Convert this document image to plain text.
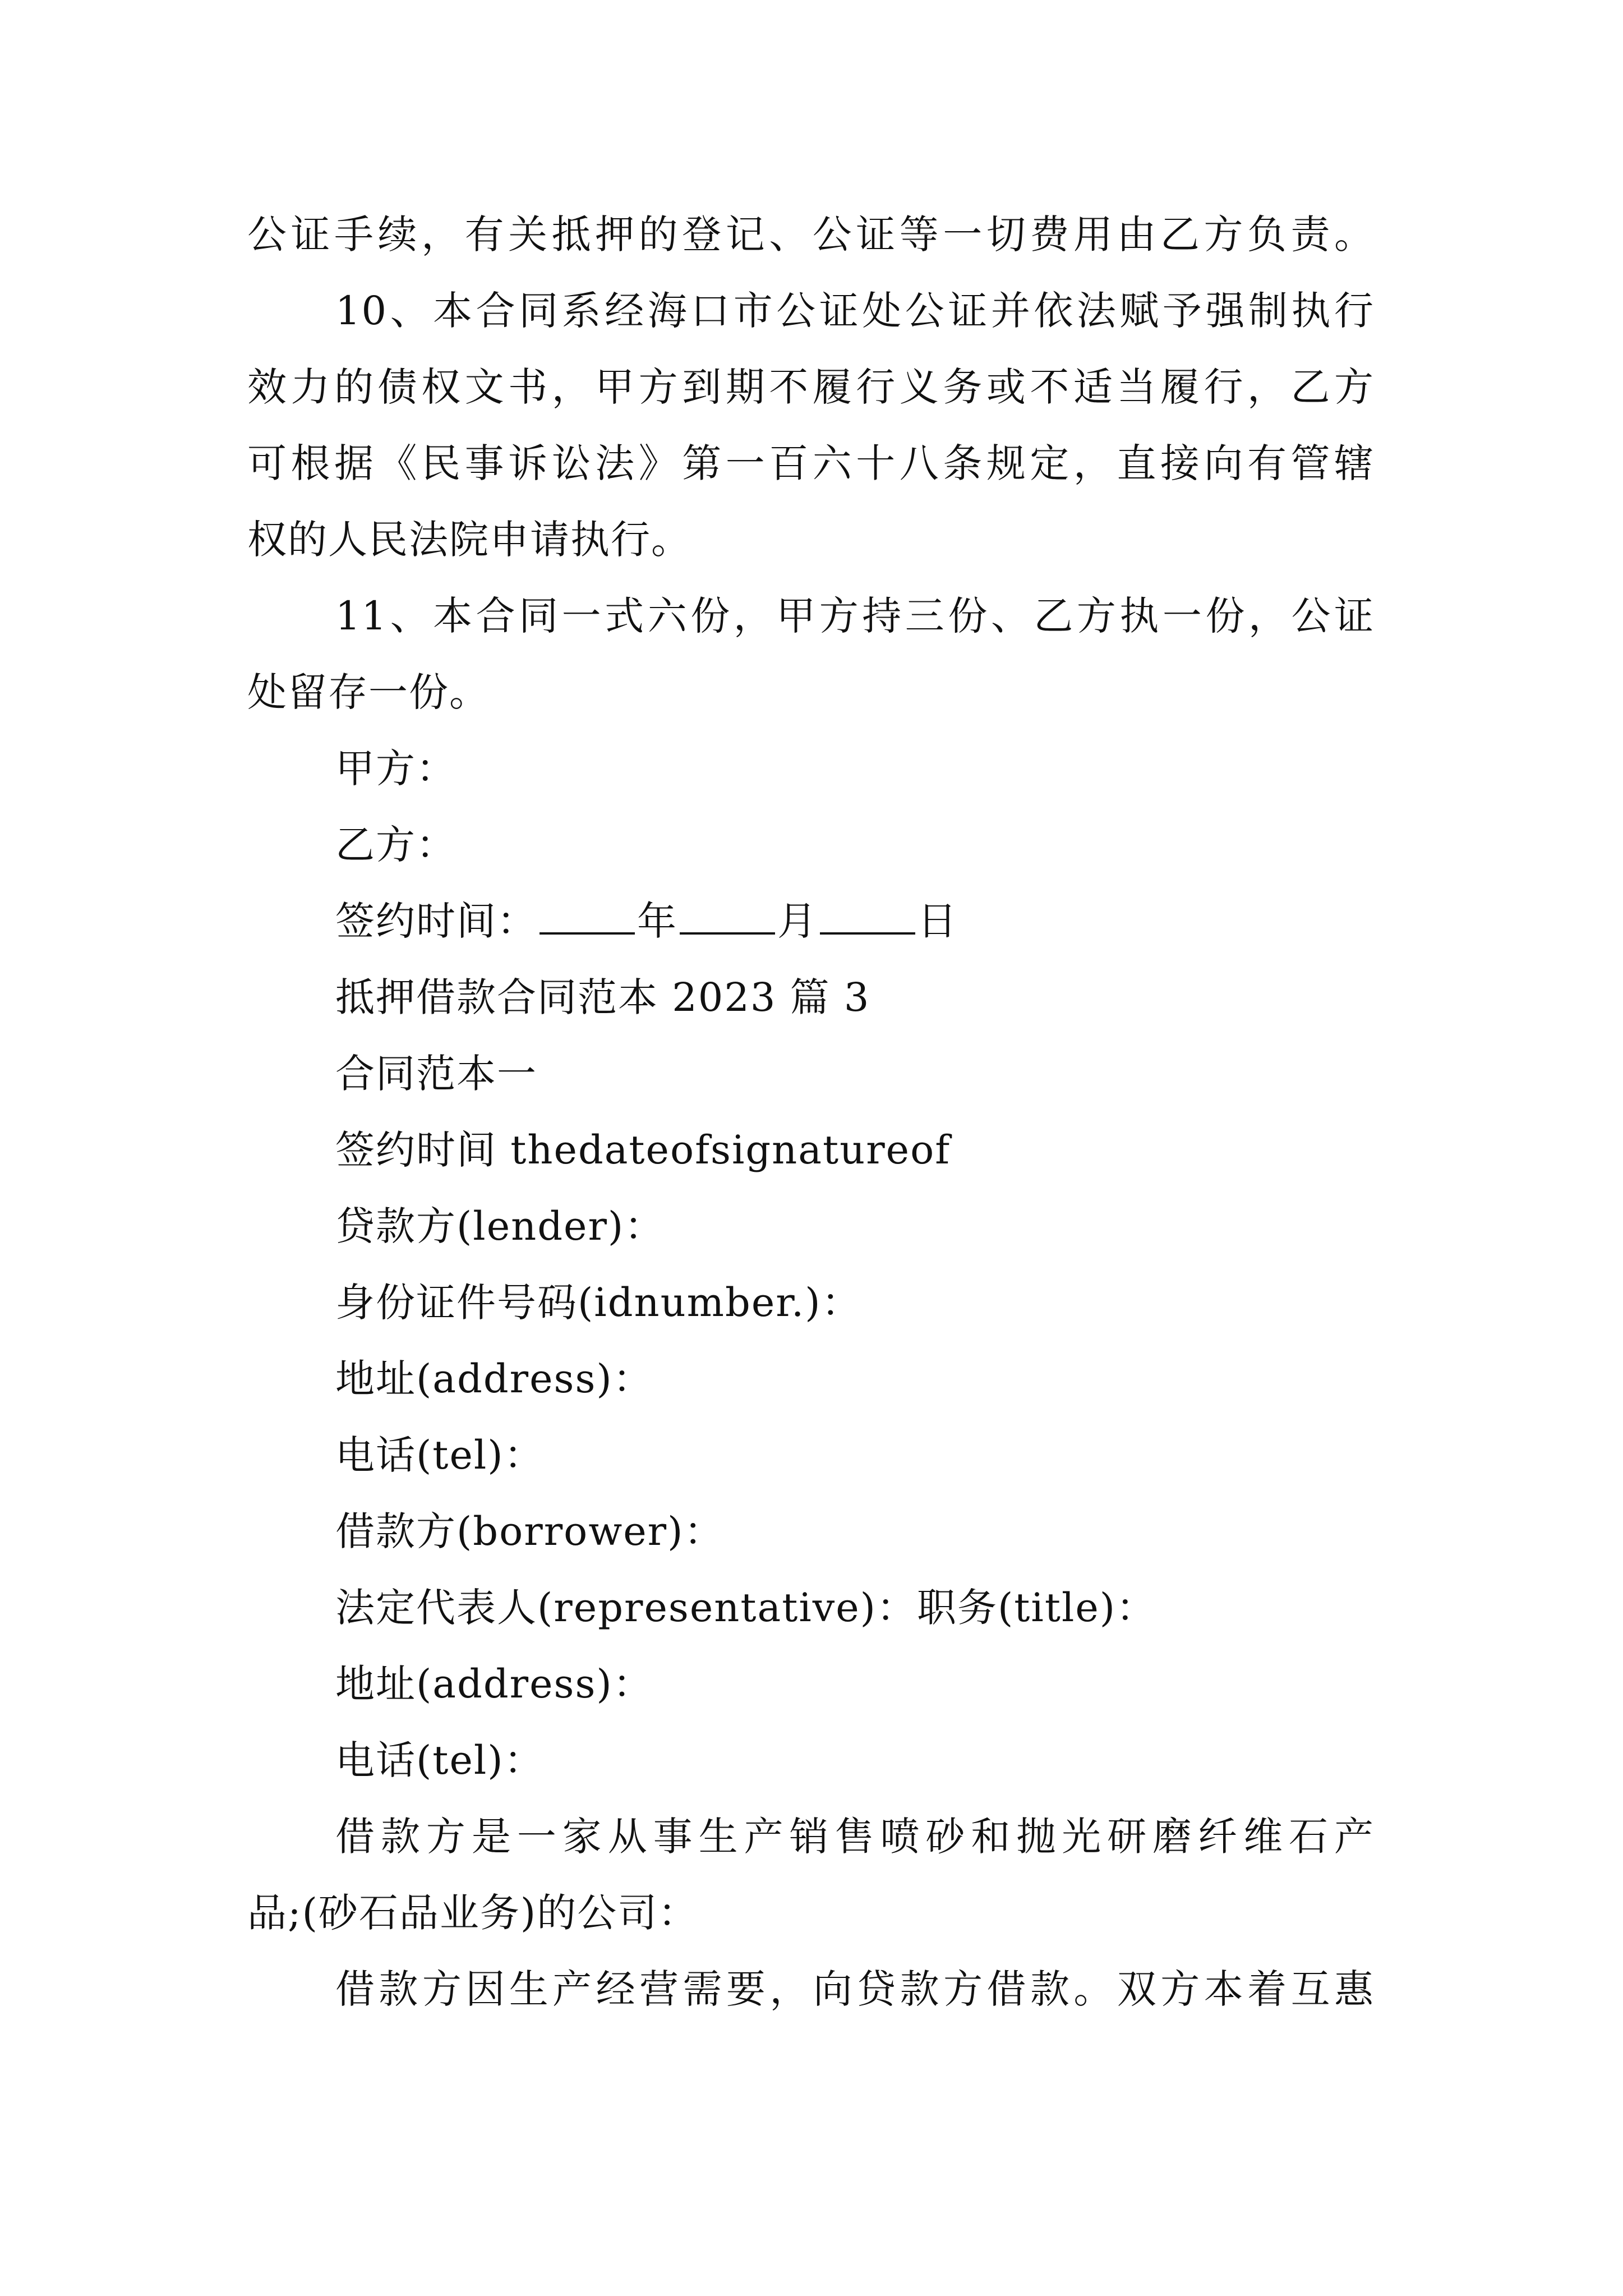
公证手续，有关抵押的登记、公证等一切费用由乙方负责。

10、本合同系经海口市公证处公证并依法赋予强制执行

效力的债权文书，甲方到期不履行义务或不适当履行，乙方

可根据《民事诉讼法》第一百六十八条规定，直接向有管辖

权的人民法院申请执行。

11、本合同一式六份，甲方持三份、乙方执一份，公证

处留存一份。

甲方：

乙方：

签约时间：	年	月	日

抵押借款合同范本 2023 篇 3

合同范本一

签约时间 thedateofsignatureof

贷款方(lender)：

身份证件号码(idnumber.)：

地址(address)：

电话(tel)：

借款方(borrower)：

法定代表人(representative)：职务(title)：

地址(address)：

电话(tel)：

借款方是一家从事生产销售喷砂和抛光研磨纤维石产

品;(砂石品业务)的公司：

借款方因生产经营需要，向贷款方借款。双方本着互惠
